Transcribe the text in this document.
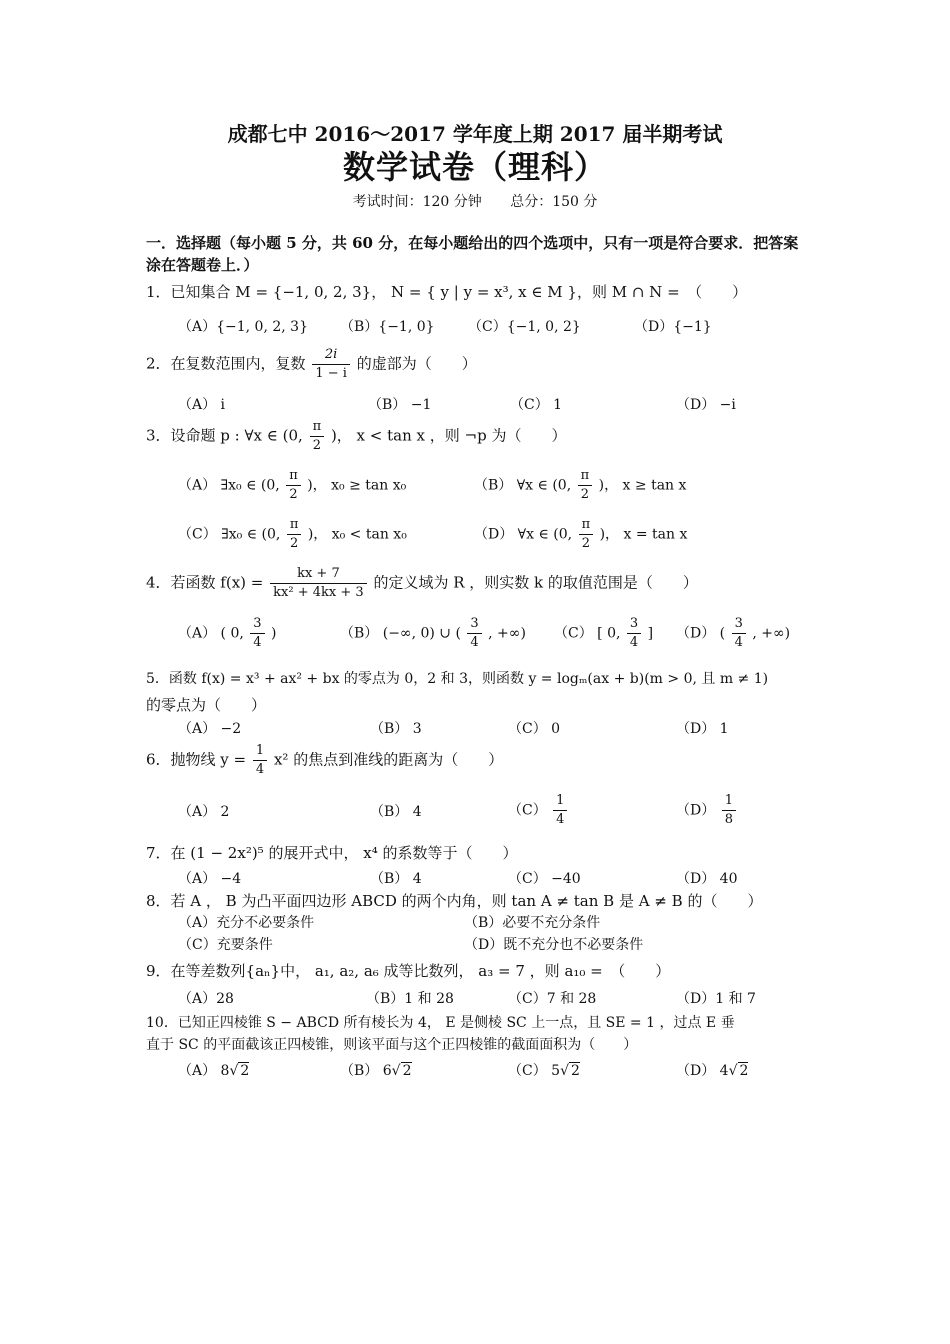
成都七中 2016～2017 学年度上期 2017 届半期考试
数学试卷（理科）
考试时间：120 分钟 总分：150 分
一．选择题（每小题 5 分，共 60 分，在每小题给出的四个选项中，只有一项是符合要求．把答案涂在答题卷上．）
1．已知集合 M = {−1, 0, 2, 3}， N = { y | y = x³, x ∈ M }，则 M ∩ N =　（　　）
（A）{−1, 0, 2, 3} （B）{−1, 0} （C）{−1, 0, 2}	（D）{−1}
2．在复数范围内，复数 $\frac{2i}{1 - i}$ 的虚部为（　　）
（A） i	（B） −1	（C） 1	（D） −i
3．设命题 p : ∀x ∈ (0, $\frac{\pi}{2}$ )， x < tan x ，则 ¬p 为（　　）
（A） ∃x₀ ∈ (0, $\frac{\pi}{2}$ )， x₀ ≥ tan x₀	（B） ∀x ∈ (0, $\frac{\pi}{2}$ )， x ≥ tan x
（C） ∃x₀ ∈ (0, $\frac{\pi}{2}$ )， x₀ < tan x₀	（D） ∀x ∈ (0, $\frac{\pi}{2}$ )， x = tan x
4．若函数 $f(x) = \frac{kx + 7}{\text{kx² + 4kx + 3}}$ 的定义域为 R ，则实数 k 的取值范围是（　　）
（A） ( 0, $\frac{3}{4}$ )	（B） (−∞, 0) ∪ ( $\frac{3}{4}$ , +∞) （C） [ 0, $\frac{3}{4}$ ] （D） ( $\frac{3}{4}$ , +∞)
5．函数 f(x) = x³ + ax² + bx 的零点为 0，2 和 3，则函数 y = logₘ(ax + b)(m > 0, 且 m ≠ 1)
的零点为（　　）
（A） −2	（B） 3	（C） 0	（D） 1
6．抛物线 $y = \frac{1}{4} x^2$ 的焦点到准线的距离为（　　）
（A） 2	（B） 4	$(C) \frac{1}{4}$	$(D) \frac{1}{8}$
7．在 (1 − 2x²)⁵ 的展开式中， x⁴ 的系数等于（　　）
（A） −4	（B） 4	（C） −40	（D） 40
8．若 A ， B 为凸平面四边形 ABCD 的两个内角，则 tan A ≠ tan B 是 A ≠ B 的（　　）
（A）充分不必要条件	（B）必要不充分条件
（C）充要条件	（D）既不充分也不必要条件
9．在等差数列{aₙ}中， a₁, a₂, a₆ 成等比数列， a₃ = 7 ，则 a₁₀ =　（　　）
（A）28	（B）1 和 28	（C）7 和 28	（D）1 和 7
10．已知正四棱锥 S − ABCD 所有棱长为 4， E 是侧棱 SC 上一点，且 SE = 1 ，过点 E 垂
直于 SC 的平面截该正四棱锥，则该平面与这个正四棱锥的截面面积为（　　）
（A） 8√ 2	（B） 6√ 2	（C） 5√ 2	（D） 4√ 2
